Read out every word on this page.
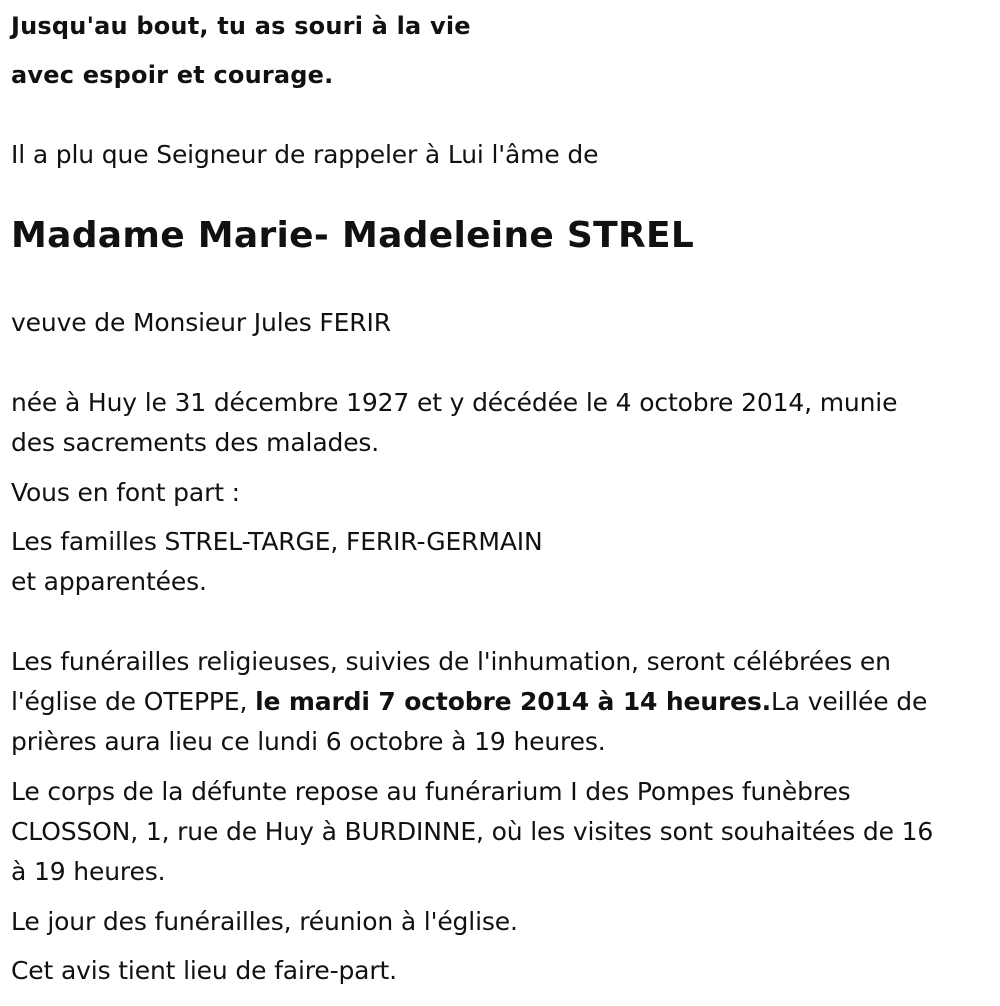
Jusqu'au bout, tu as souri à la vie
avec espoir et courage.
Il a plu que Seigneur de rappeler à Lui l'âme de
Madame Marie- Madeleine STREL
veuve de Monsieur Jules FERIR
née à Huy le 31 décembre 1927 et y décédée le 4 octobre 2014, munie
des sacrements des malades.
Vous en font part :
Les familles STREL-TARGE, FERIR-GERMAIN
et apparentées.
Les funérailles religieuses, suivies de l'inhumation, seront célébrées en
l'église de OTEPPE, le mardi 7 octobre 2014 à 14 heures.La veillée de
prières aura lieu ce lundi 6 octobre à 19 heures.
Le corps de la défunte repose au funérarium I des Pompes funèbres
CLOSSON, 1, rue de Huy à BURDINNE, où les visites sont souhaitées de 16
à 19 heures.
Le jour des funérailles, réunion à l'église.
Cet avis tient lieu de faire-part.
